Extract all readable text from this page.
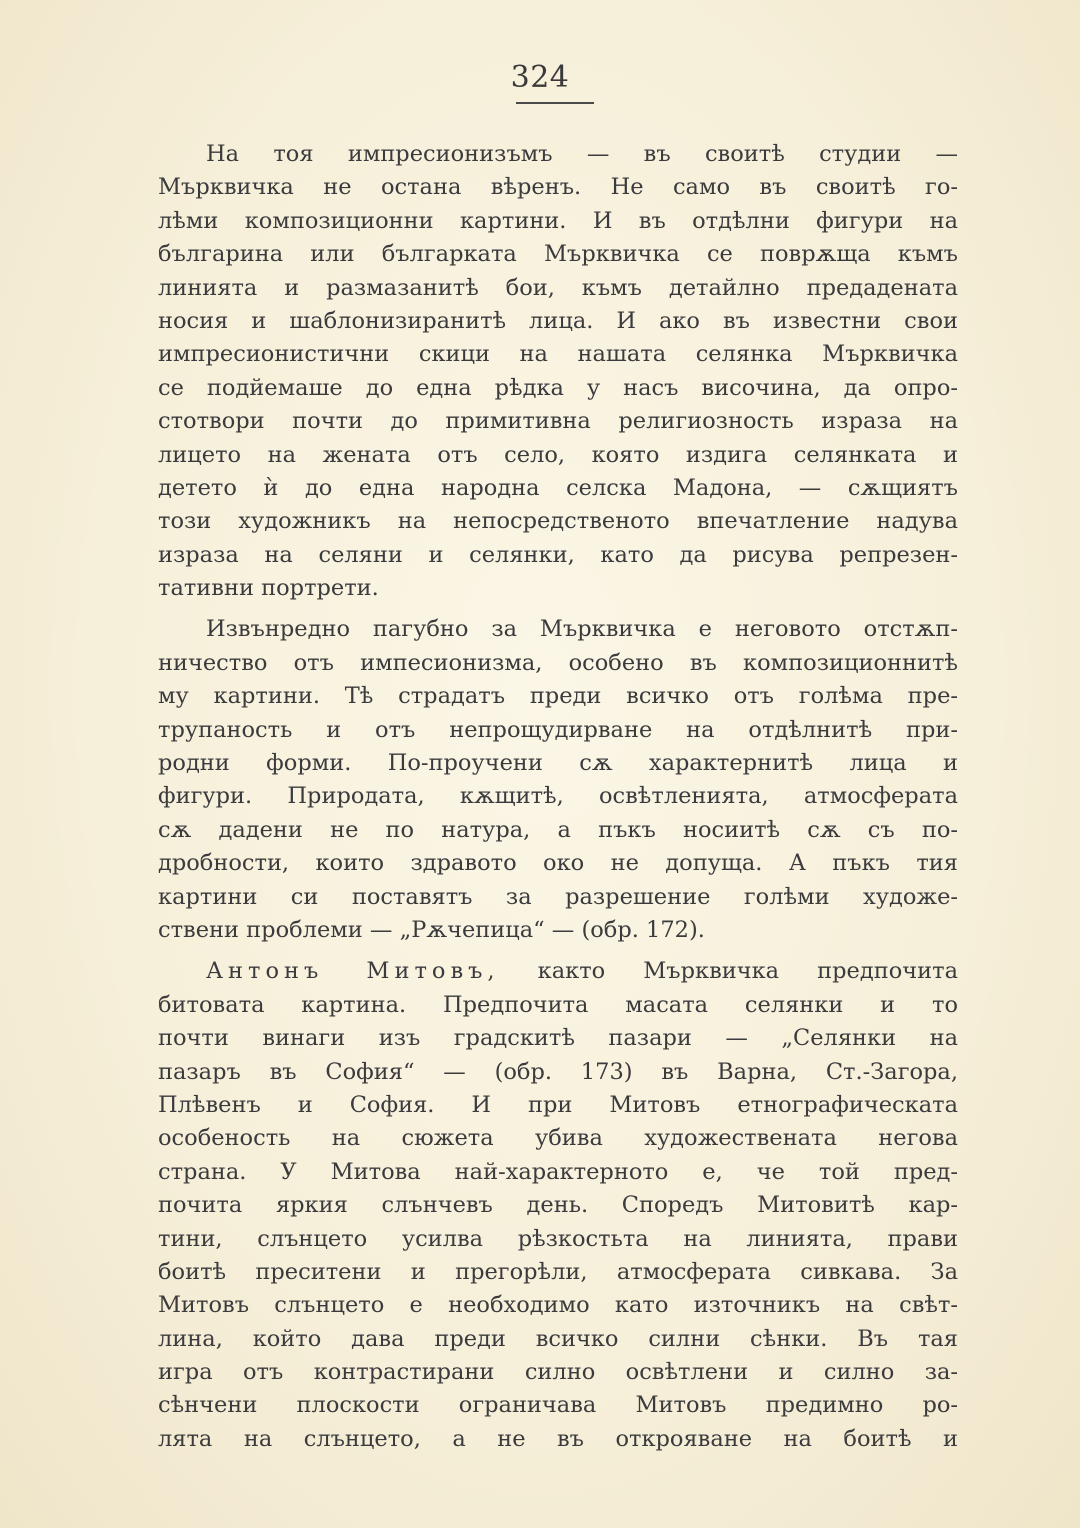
324
На тоя импресионизъмъ — въ своитѣ студии —
Мърквичка не остана вѣренъ. Не само въ своитѣ го-
лѣми композиционни картини. И въ отдѣлни фигури на
българина или българката Мърквичка се поврѫща къмъ
линията и размазанитѣ бои, къмъ детайлно предадената
носия и шаблонизиранитѣ лица. И ако въ известни свои
импресионистични скици на нашата селянка Мърквичка
се подйемаше до една рѣдка у насъ височина, да опро-
стотвори почти до примитивна религиозность израза на
лицето на жената отъ село, която издига селянката и
детето ѝ до една народна селска Мадона, — сѫщиятъ
този художникъ на непосредственото впечатление надува
израза на селяни и селянки, като да рисува репрезен-
тативни портрети.
Извънредно пагубно за Мърквичка е неговото отстѫп-
ничество отъ импесионизма, особено въ композиционнитѣ
му картини. Тѣ страдатъ преди всичко отъ голѣма пре-
трупаность и отъ непрощудирване на отдѣлнитѣ при-
родни форми. По-проучени сѫ характернитѣ лица и
фигури. Природата, кѫщитѣ, освѣтленията, атмосферата
сѫ дадени не по натура, а пъкъ носиитѣ сѫ съ по-
дробности, които здравото око не допуща. А пъкъ тия
картини си поставятъ за разрешение голѣми художе-
ствени проблеми — „Рѫчепица“ — (обр. 172).
Антонъ Митовъ, както Мърквичка предпочита
битовата картина. Предпочита масата селянки и то
почти винаги изъ градскитѣ пазари — „Селянки на
пазаръ въ София“ — (обр. 173) въ Варна, Ст.-Загора,
Плѣвенъ и София. И при Митовъ етнографическата
особеность на сюжета убива художествената негова
страна. У Митова най-характерното е, че той пред-
почита яркия слънчевъ день. Споредъ Митовитѣ кар-
тини, слънцето усилва рѣзкостьта на линията, прави
боитѣ преситени и прегорѣли, атмосферата сивкава. За
Митовъ слънцето е необходимо като източникъ на свѣт-
лина, който дава преди всичко силни сѣнки. Въ тая
игра отъ контрастирани силно освѣтлени и силно за-
сѣнчени плоскости ограничава Митовъ предимно ро-
лята на слънцето, а не въ открояване на боитѣ и
